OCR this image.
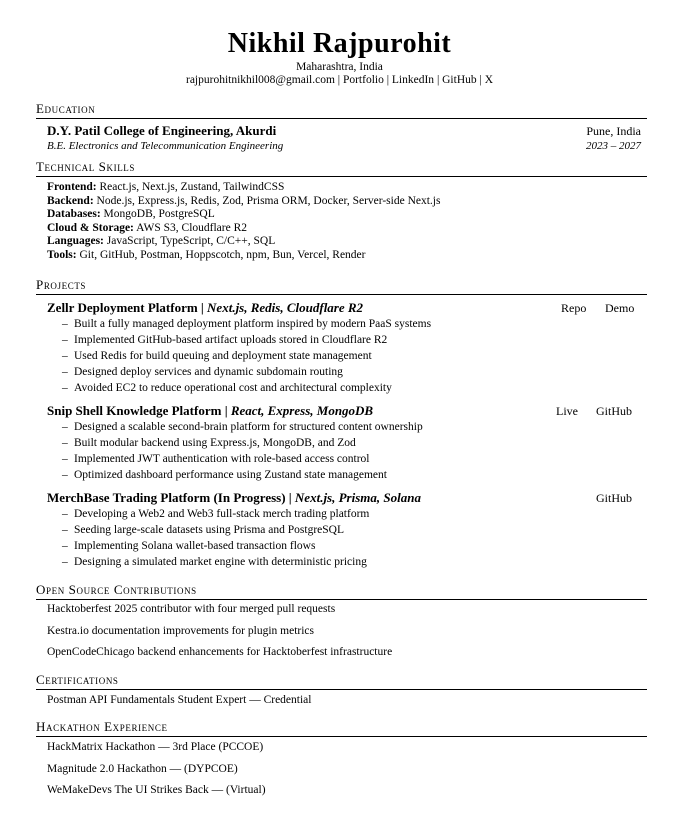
Nikhil Rajpurohit
Maharashtra, India
rajpurohitnikhil008@gmail.com | Portfolio | LinkedIn | GitHub | X
Education
D.Y. Patil College of Engineering, Akurdi	Pune, India
B.E. Electronics and Telecommunication Engineering	2023 – 2027
Technical Skills
Frontend: React.js, Next.js, Zustand, TailwindCSS
Backend: Node.js, Express.js, Redis, Zod, Prisma ORM, Docker, Server-side Next.js
Databases: MongoDB, PostgreSQL
Cloud & Storage: AWS S3, Cloudflare R2
Languages: JavaScript, TypeScript, C/C++, SQL
Tools: Git, GitHub, Postman, Hoppscotch, npm, Bun, Vercel, Render
Projects
Zellr Deployment Platform | Next.js, Redis, Cloudflare R2	Repo Demo
– Built a fully managed deployment platform inspired by modern PaaS systems
– Implemented GitHub-based artifact uploads stored in Cloudflare R2
– Used Redis for build queuing and deployment state management
– Designed deploy services and dynamic subdomain routing
– Avoided EC2 to reduce operational cost and architectural complexity
Snip Shell Knowledge Platform | React, Express, MongoDB	Live GitHub
– Designed a scalable second-brain platform for structured content ownership
– Built modular backend using Express.js, MongoDB, and Zod
– Implemented JWT authentication with role-based access control
– Optimized dashboard performance using Zustand state management
MerchBase Trading Platform (In Progress) | Next.js, Prisma, Solana	GitHub
– Developing a Web2 and Web3 full-stack merch trading platform
– Seeding large-scale datasets using Prisma and PostgreSQL
– Implementing Solana wallet-based transaction flows
– Designing a simulated market engine with deterministic pricing
Open Source Contributions
Hacktoberfest 2025 contributor with four merged pull requests
Kestra.io documentation improvements for plugin metrics
OpenCodeChicago backend enhancements for Hacktoberfest infrastructure
Certifications
Postman API Fundamentals Student Expert — Credential
Hackathon Experience
HackMatrix Hackathon — 3rd Place (PCCOE)
Magnitude 2.0 Hackathon — (DYPCOE)
WeMakeDevs The UI Strikes Back — (Virtual)
